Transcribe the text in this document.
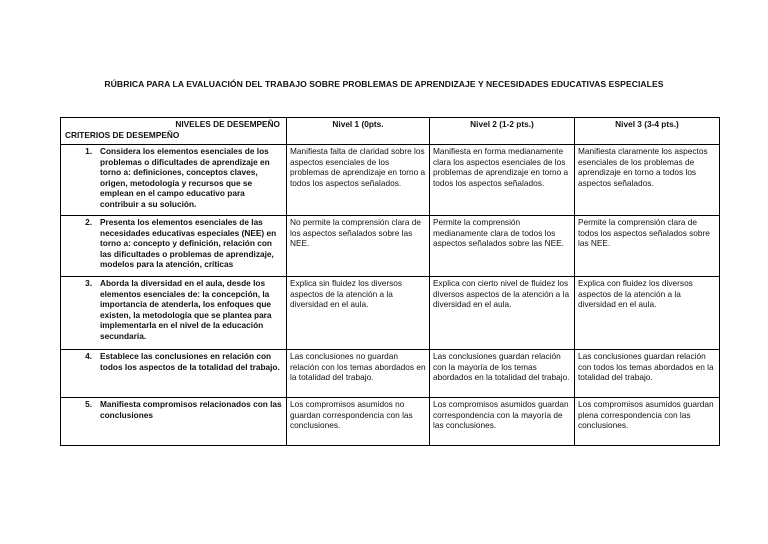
RÚBRICA PARA LA EVALUACIÓN DEL TRABAJO SOBRE PROBLEMAS DE APRENDIZAJE Y NECESIDADES EDUCATIVAS ESPECIALES
NIVELES DE DESEMPEÑO
CRITERIOS DE DESEMPEÑO	Nivel 1 (0pts.	Nivel 2 (1-2 pts.)	Nivel 3 (3-4 pts.)

1. Considera los elementos esenciales de los problemas o dificultades de aprendizaje en torno a: definiciones, conceptos claves, origen, metodología y recursos que se emplean en el campo educativo para contribuir a su solución.	Manifiesta falta de claridad sobre los aspectos esenciales de los problemas de aprendizaje en torno a todos los aspectos señalados.	Manifiesta en forma medianamente clara los aspectos esenciales de los problemas de aprendizaje en torno a todos los aspectos señalados.	Manifiesta claramente los aspectos esenciales de los problemas de aprendizaje en torno a todos los aspectos señalados.

2. Presenta los elementos esenciales de las necesidades educativas especiales (NEE) en torno a: concepto y definición, relación con las dificultades o problemas de aprendizaje, modelos para la atención, críticas	No permite la comprensión clara de los aspectos señalados sobre las NEE.	Permite la comprensión medianamente clara de todos los aspectos señalados sobre las NEE.	Permite la comprensión clara de todos los aspectos señalados sobre las NEE.

3. Aborda la diversidad en el aula, desde los elementos esenciales de: la concepción, la importancia de atenderla, los enfoques que existen, la metodología que se plantea para implementarla en el nivel de la educación secundaria.	Explica sin fluidez los diversos aspectos de la atención a la diversidad en el aula.	Explica con cierto nivel de fluidez los diversos aspectos de la atención a la diversidad en el aula.	Explica con fluidez los diversos aspectos de la atención a la diversidad en el aula.

4. Establece las conclusiones en relación con todos los aspectos de la totalidad del trabajo.	Las conclusiones no guardan relación con los temas abordados en la totalidad del trabajo.	Las conclusiones guardan relación con la mayoría de los temas abordados en la totalidad del trabajo.	Las conclusiones guardan relación con todos los temas abordados en la totalidad del trabajo.

5. Manifiesta compromisos relacionados con las conclusiones	Los compromisos asumidos no guardan correspondencia con las conclusiones.	Los compromisos asumidos guardan correspondencia con la mayoría de las conclusiones.	Los compromisos asumidos guardan plena correspondencia con las conclusiones.
